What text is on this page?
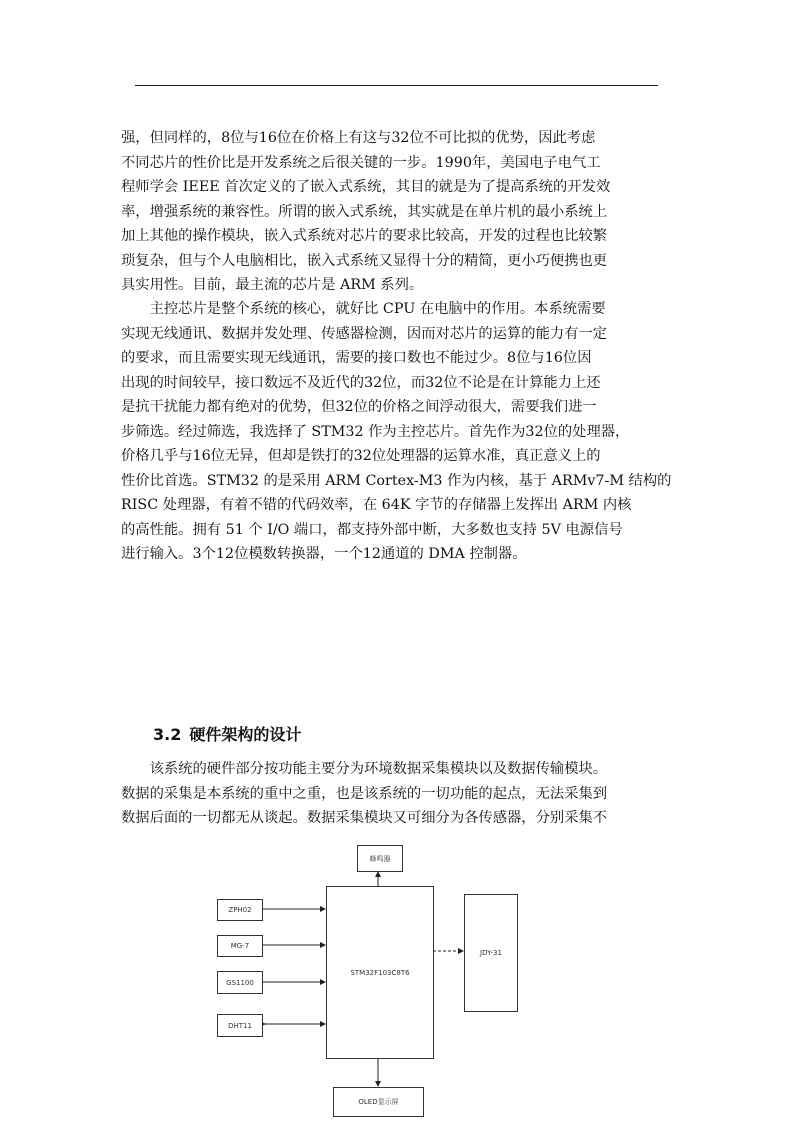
强，但同样的，8位与16位在价格上有这与32位不可比拟的优势，因此考虑
不同芯片的性价比是开发系统之后很关键的一步。1990年，美国电子电气工
程师学会 IEEE 首次定义的了嵌入式系统，其目的就是为了提高系统的开发效
率，增强系统的兼容性。所谓的嵌入式系统，其实就是在单片机的最小系统上
加上其他的操作模块，嵌入式系统对芯片的要求比较高，开发的过程也比较繁
琐复杂，但与个人电脑相比，嵌入式系统又显得十分的精简，更小巧便携也更
具实用性。目前，最主流的芯片是 ARM 系列。
　　主控芯片是整个系统的核心，就好比 CPU 在电脑中的作用。本系统需要
实现无线通讯、数据并发处理、传感器检测，因而对芯片的运算的能力有一定
的要求，而且需要实现无线通讯，需要的接口数也不能过少。8位与16位因
出现的时间较早，接口数远不及近代的32位，而32位不论是在计算能力上还
是抗干扰能力都有绝对的优势，但32位的价格之间浮动很大，需要我们进一
步筛选。经过筛选，我选择了 STM32 作为主控芯片。首先作为32位的处理器，
价格几乎与16位无异，但却是铁打的32位处理器的运算水准，真正意义上的
性价比首选。STM32 的是采用 ARM Cortex-M3 作为内核，基于 ARMv7-M 结构的
RISC 处理器，有着不错的代码效率，在 64K 字节的存储器上发挥出 ARM 内核
的高性能。拥有 51 个 I/O 端口，都支持外部中断，大多数也支持 5V 电源信号
进行输入。3个12位模数转换器，一个12通道的 DMA 控制器。
3.2 硬件架构的设计
　　该系统的硬件部分按功能主要分为环境数据采集模块以及数据传输模块。
数据的采集是本系统的重中之重，也是该系统的一切功能的起点，无法采集到
数据后面的一切都无从谈起。数据采集模块又可细分为各传感器，分别采集不
蜂鸣器
STM32F103C8T6
ZPH02
MG-7
GS1100
DHT11
JDY-31
OLED显示屏
